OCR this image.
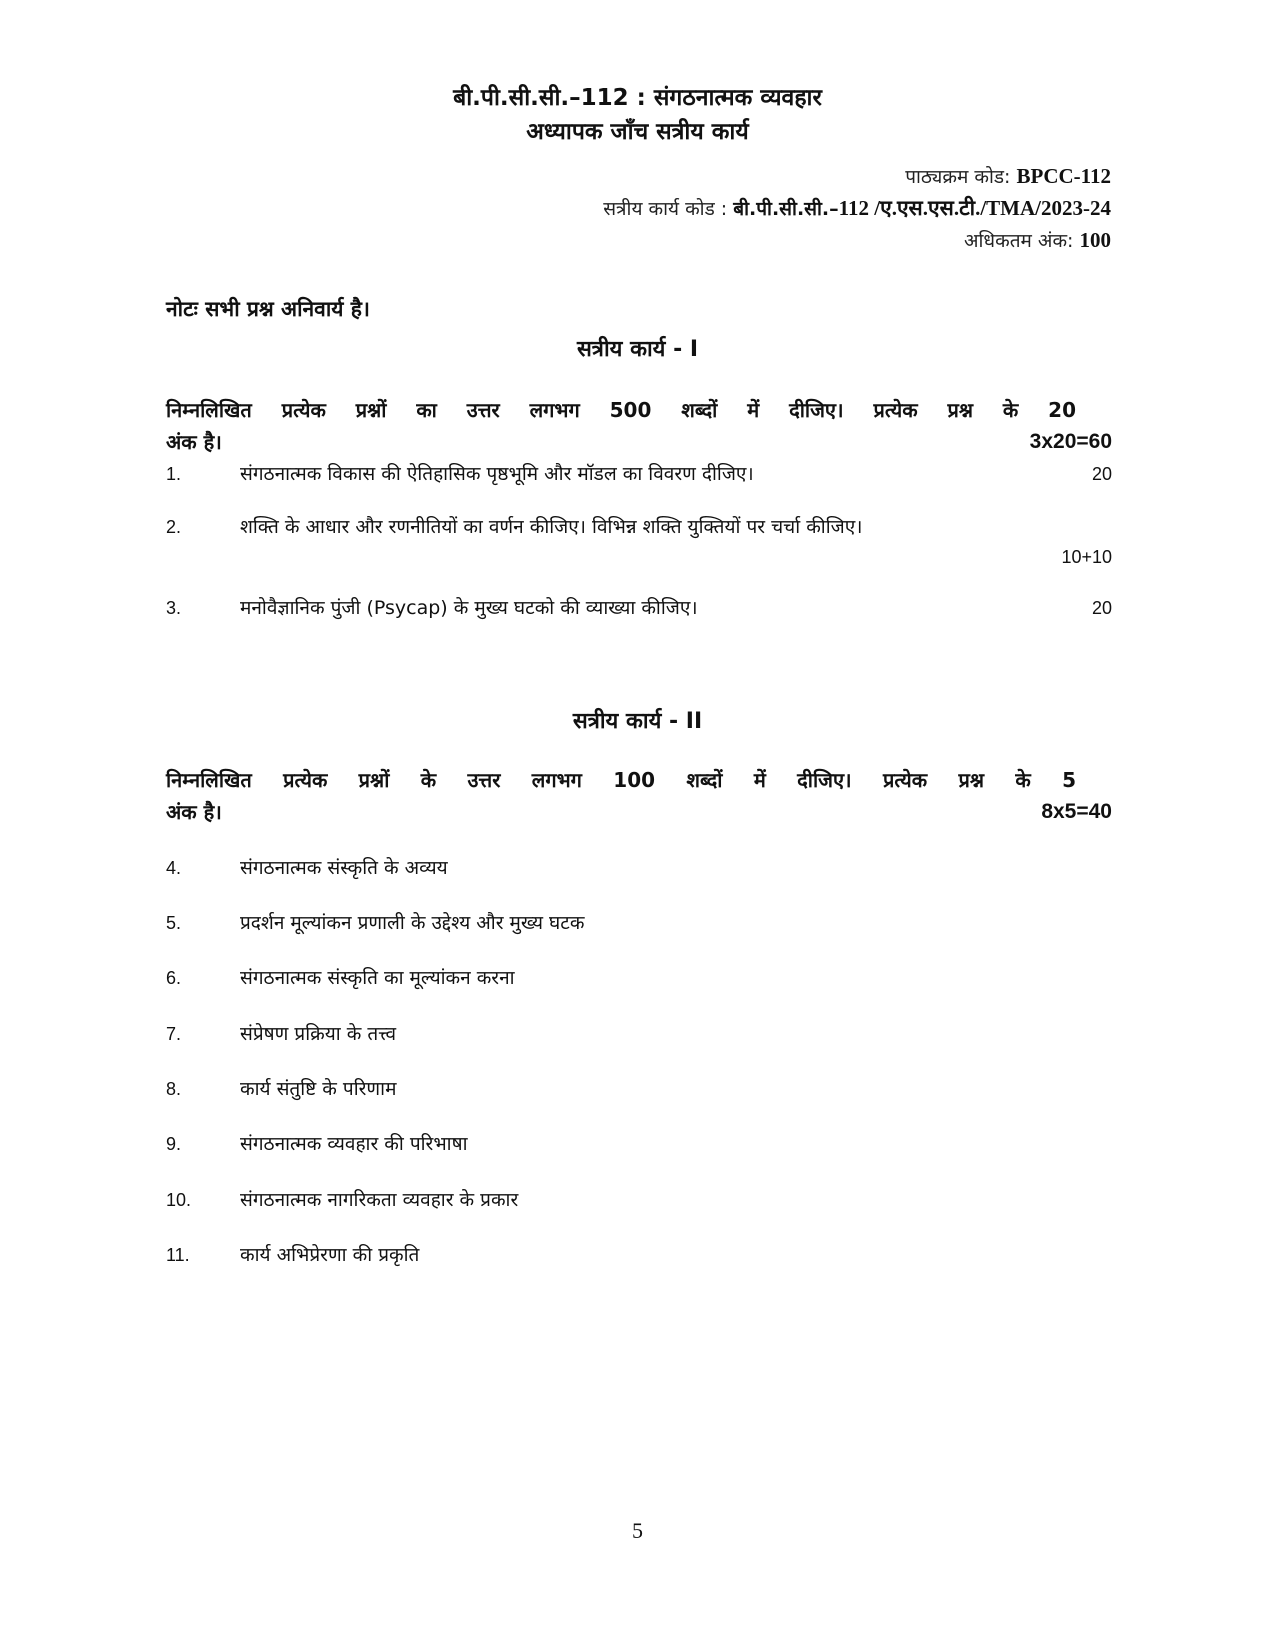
बी.पी.सी.सी.–112 : संगठनात्मक व्यवहार
अध्यापक जाँच सत्रीय कार्य
पाठ्यक्रम कोड: BPCC-112
सत्रीय कार्य कोड : बी.पी.सी.सी.–112 /ए.एस.एस.टी./TMA/2023-24
अधिकतम अंक: 100
नोटः सभी प्रश्न अनिवार्य है।
सत्रीय कार्य - I
निम्नलिखित प्रत्येक प्रश्नों का उत्तर लगभग 500 शब्दों में दीजिए। प्रत्येक प्रश्न के 20
अंक है।	3x20=60
1.	संगठनात्मक विकास की ऐतिहासिक पृष्ठभूमि और मॉडल का विवरण दीजिए।	20
2.	शक्ति के आधार और रणनीतियों का वर्णन कीजिए। विभिन्न शक्ति युक्तियों पर चर्चा कीजिए।
10+10
3.	मनोवैज्ञानिक पुंजी (Psycap) के मुख्य घटको की व्याख्या कीजिए।	20
सत्रीय कार्य - II
निम्नलिखित प्रत्येक प्रश्नों के उत्तर लगभग 100 शब्दों में दीजिए। प्रत्येक प्रश्न के 5
अंक है।	8x5=40
4.	संगठनात्मक संस्कृति के अव्यय
5.	प्रदर्शन मूल्यांकन प्रणाली के उद्देश्य और मुख्य घटक
6.	संगठनात्मक संस्कृति का मूल्यांकन करना
7.	संप्रेषण प्रक्रिया के तत्त्व
8.	कार्य संतुष्टि के परिणाम
9.	संगठनात्मक व्यवहार की परिभाषा
10.	संगठनात्मक नागरिकता व्यवहार के प्रकार
11.	कार्य अभिप्रेरणा की प्रकृति
5
